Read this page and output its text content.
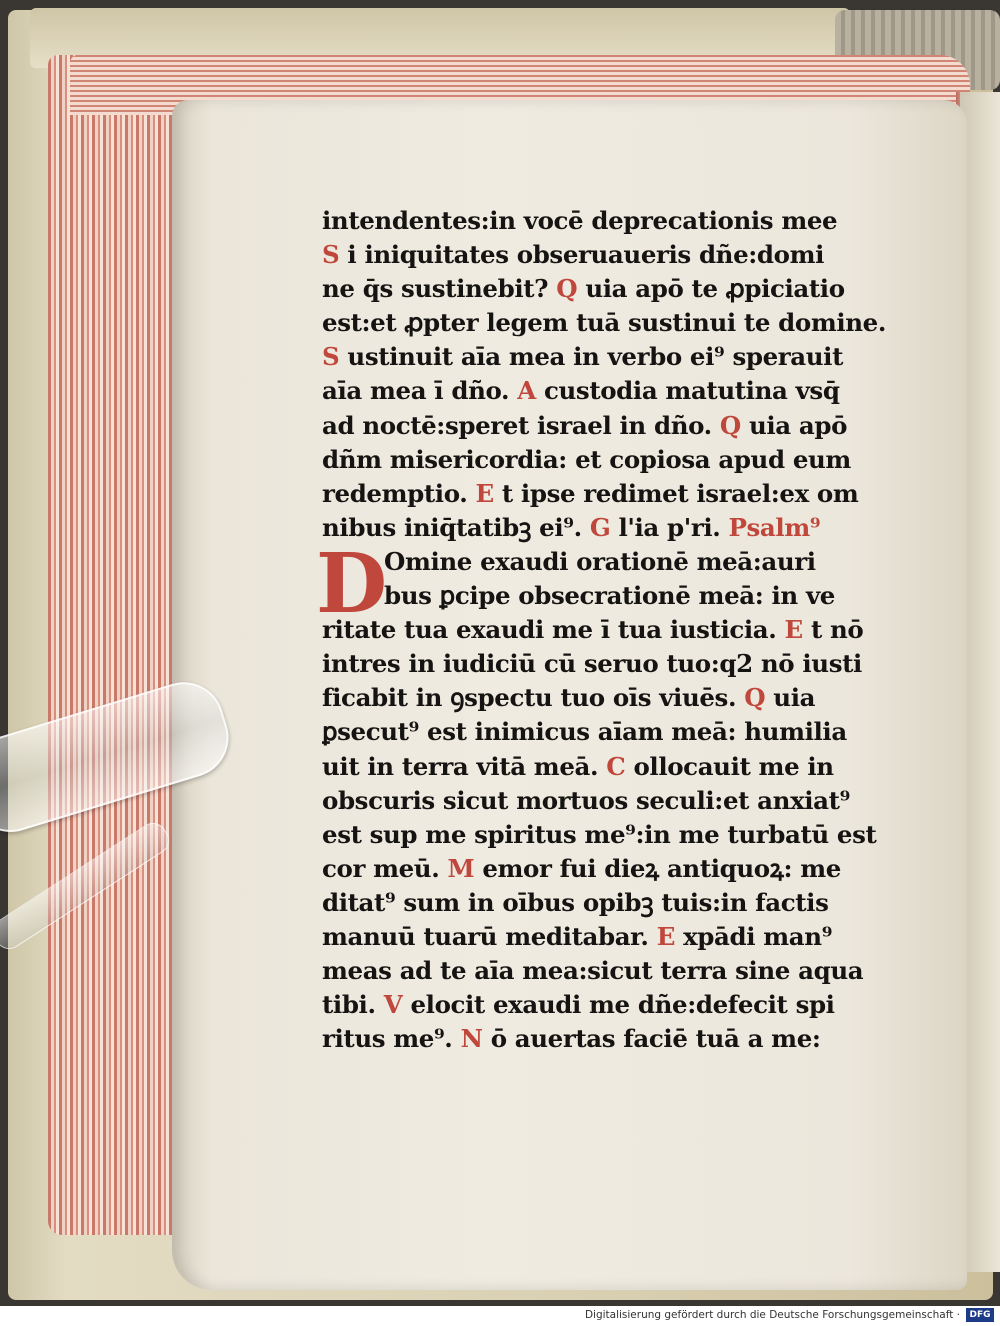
D
intendentes:in vocē deprecationis mee
S i iniquitates obseruaueris dñe:domi
ne q̄s sustinebit? Q uia apō te ꝓpiciatio
est:et ꝓpter legem tuā sustinui te domine.
S ustinuit aīa mea in verbo ei⁹ sperauit
aīa mea ī dño. A custodia matutina vsq̄
ad noctē:speret israel in dño. Q uia apō
dñm misericordia: et copiosa apud eum
redemptio. E t ipse redimet israel:ex om
nibus iniq̄tatibꝫ ei⁹. G l'ia p'ri. Psalm⁹
Omine exaudi orationē meā:auri
bus ꝑcipe obsecrationē meā: in ve
ritate tua exaudi me ī tua iusticia. E t nō
intres in iudiciū cū seruo tuo:q2 nō iusti
ficabit in ꝯspectu tuo oīs viuēs. Q uia
ꝑsecut⁹ est inimicus aīam meā: humilia
uit in terra vitā meā. C ollocauit me in
obscuris sicut mortuos seculi:et anxiat⁹
est sup me spiritus me⁹:in me turbatū est
cor meū. M emor fui dieꝝ antiquoꝝ: me
ditat⁹ sum in oībus opibꝫ tuis:in factis
manuū tuarū meditabar. E xpādi man⁹
meas ad te aīa mea:sicut terra sine aqua
tibi. V elocit exaudi me dñe:defecit spi
ritus me⁹. N ō auertas faciē tuā a me:
Digitalisierung gefördert durch die Deutsche Forschungsgemeinschaft ·	DFG
